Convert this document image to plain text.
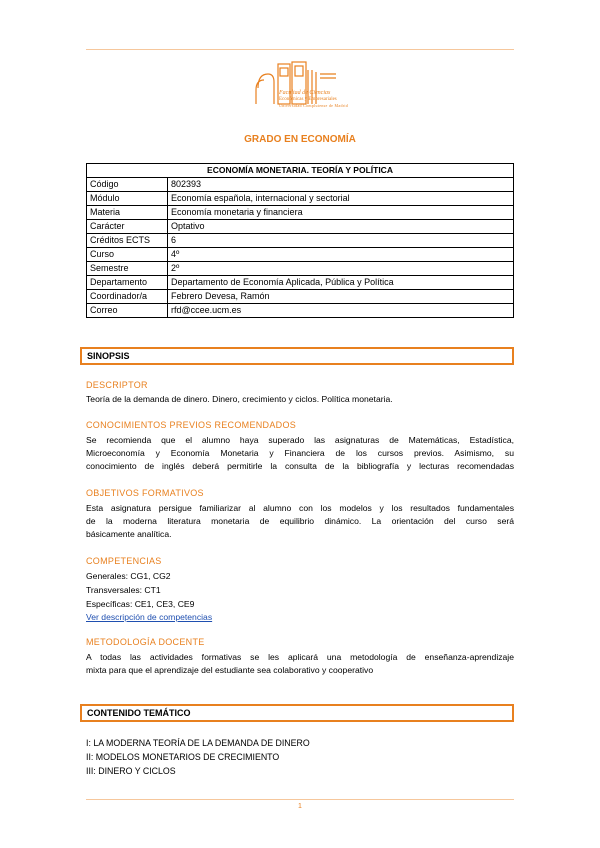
Facultad de Ciencias
Económicas y Empresariales
Universidad Complutense de Madrid
GRADO EN ECONOMÍA
ECONOMÍA MONETARIA. TEORÍA Y POLÍTICA	
Código	802393
Módulo	Economía española, internacional y sectorial
Materia	Economía monetaria y financiera
Carácter	Optativo
Créditos ECTS	6
Curso	4º
Semestre	2º
Departamento	Departamento de Economía Aplicada, Pública y Política
Coordinador/a	Febrero Devesa, Ramón
Correo	rfd@ccee.ucm.es
SINOPSIS
DESCRIPTOR
Teoría de la demanda de dinero. Dinero, crecimiento y ciclos. Política monetaria.
CONOCIMIENTOS PREVIOS RECOMENDADOS
Se recomienda que el alumno haya superado las asignaturas de Matemáticas, Estadística,
Microeconomía y Economía Monetaria y Financiera de los cursos previos. Asimismo, su
conocimiento de inglés deberá permitirle la consulta de la bibliografía y lecturas recomendadas
OBJETIVOS FORMATIVOS
Esta asignatura persigue familiarizar al alumno con los modelos y los resultados fundamentales
de la moderna literatura monetaria de equilibrio dinámico. La orientación del curso será
básicamente analítica.
COMPETENCIAS
Generales: CG1, CG2
Transversales: CT1
Específicas: CE1, CE3, CE9
Ver descripción de competencias
METODOLOGÍA DOCENTE
A todas las actividades formativas se les aplicará una metodología de enseñanza-aprendizaje
mixta para que el aprendizaje del estudiante sea colaborativo y cooperativo
CONTENIDO TEMÁTICO
I: LA MODERNA TEORÍA DE LA DEMANDA DE DINERO
II: MODELOS MONETARIOS DE CRECIMIENTO
III: DINERO Y CICLOS
1
